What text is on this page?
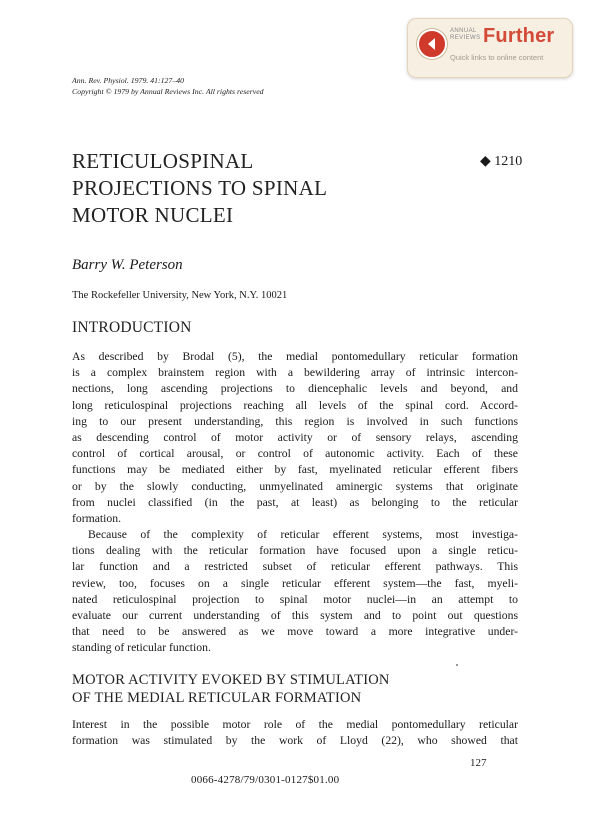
ANNUAL
REVIEWS Further
Quick links to online content
Ann. Rev. Physiol. 1979. 41:127–40
Copyright © 1979 by Annual Reviews Inc. All rights reserved
RETICULOSPINAL
PROJECTIONS TO SPINAL
MOTOR NUCLEI
◆ 1210
Barry W. Peterson
The Rockefeller University, New York, N.Y. 10021
INTRODUCTION
As described by Brodal (5), the medial pontomedullary reticular formation
is a complex brainstem region with a bewildering array of intrinsic intercon-
nections, long ascending projections to diencephalic levels and beyond, and
long reticulospinal projections reaching all levels of the spinal cord. Accord-
ing to our present understanding, this region is involved in such functions
as descending control of motor activity or of sensory relays, ascending
control of cortical arousal, or control of autonomic activity. Each of these
functions may be mediated either by fast, myelinated reticular efferent fibers
or by the slowly conducting, unmyelinated aminergic systems that originate
from nuclei classified (in the past, at least) as belonging to the reticular
formation.
Because of the complexity of reticular efferent systems, most investiga-
tions dealing with the reticular formation have focused upon a single reticu-
lar function and a restricted subset of reticular efferent pathways. This
review, too, focuses on a single reticular efferent system—the fast, myeli-
nated reticulospinal projection to spinal motor nuclei—in an attempt to
evaluate our current understanding of this system and to point out questions
that need to be answered as we move toward a more integrative under-
standing of reticular function.
MOTOR ACTIVITY EVOKED BY STIMULATION
OF THE MEDIAL RETICULAR FORMATION
Interest in the possible motor role of the medial pontomedullary reticular
formation was stimulated by the work of Lloyd (22), who showed that
127
0066-4278/79/0301-0127$01.00
